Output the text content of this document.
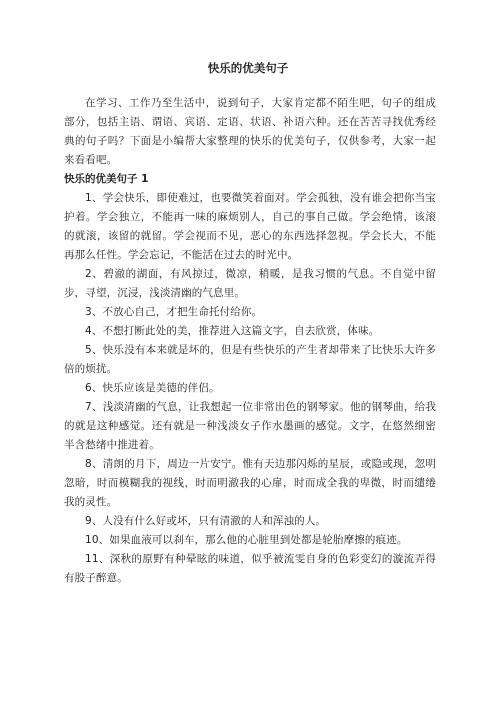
快乐的优美句子

在学习、工作乃至生活中，说到句子，大家肯定都不陌生吧，句子的组成部分，包括主语、谓语、宾语、定语、状语、补语六种。还在苦苦寻找优秀经典的句子吗？下面是小编帮大家整理的快乐的优美句子，仅供参考，大家一起来看看吧。

快乐的优美句子 1

1、学会快乐，即使难过，也要微笑着面对。学会孤独，没有谁会把你当宝护着。学会独立，不能再一味的麻烦别人，自己的事自己做。学会绝情，该滚的就滚，该留的就留。学会视而不见，恶心的东西选择忽视。学会长大，不能再那么任性。学会忘记，不能活在过去的时光中。

2、碧澈的湖面，有风掠过，微凉，稍暖，是我习惯的气息。不自觉中留步，寻望，沉浸，浅淡清幽的气息里。

3、不放心自己，才把生命托付给你。

4、不想打断此处的美，推荐进入这篇文字，自去欣赏，体味。

5、快乐没有本来就是坏的，但是有些快乐的产生者却带来了比快乐大许多倍的烦扰。

6、快乐应该是美德的伴侣。

7、浅淡清幽的气息，让我想起一位非常出色的钢琴家。他的钢琴曲，给我的就是这种感觉。还有就是一种浅淡女子作水墨画的感觉。文字，在悠然细密半含愁绪中推进着。

8、清朗的月下，周边一片安宁。惟有天边那闪烁的星辰，或隐或现，忽明忽暗，时而模糊我的视线，时而明澈我的心扉，时而成全我的卑微，时而缱绻我的灵性。

9、人没有什么好或坏，只有清澈的人和浑浊的人。

10、如果血液可以刹车，那么他的心脏里到处都是轮胎摩擦的痕迹。

11、深秋的原野有种晕眩的味道，似乎被流雯自身的色彩变幻的漩流弄得有股子醉意。
